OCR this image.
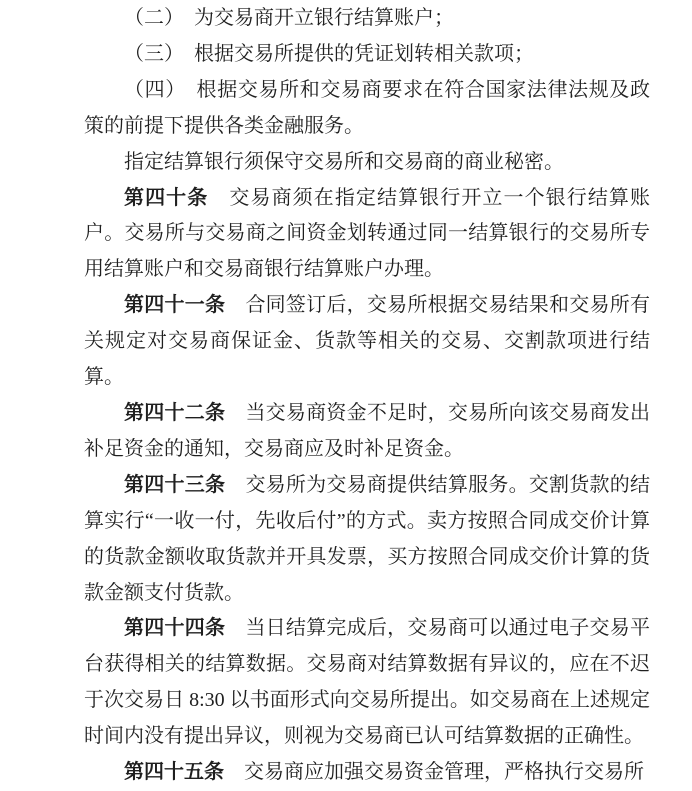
（二）　为交易商开立银行结算账户；

（三）　根据交易所提供的凭证划转相关款项；

（四）　根据交易所和交易商要求在符合国家法律法规及政策的前提下提供各类金融服务。

指定结算银行须保守交易所和交易商的商业秘密。

第四十条　交易商须在指定结算银行开立一个银行结算账户。交易所与交易商之间资金划转通过同一结算银行的交易所专用结算账户和交易商银行结算账户办理。

第四十一条　合同签订后，交易所根据交易结果和交易所有关规定对交易商保证金、货款等相关的交易、交割款项进行结算。

第四十二条　当交易商资金不足时，交易所向该交易商发出补足资金的通知，交易商应及时补足资金。

第四十三条　交易所为交易商提供结算服务。交割货款的结算实行“一收一付，先收后付”的方式。卖方按照合同成交价计算的货款金额收取货款并开具发票，买方按照合同成交价计算的货款金额支付货款。

第四十四条　当日结算完成后，交易商可以通过电子交易平台获得相关的结算数据。交易商对结算数据有异议的，应在不迟于次交易日 8:30 以书面形式向交易所提出。如交易商在上述规定时间内没有提出异议，则视为交易商已认可结算数据的正确性。

第四十五条　交易商应加强交易资金管理，严格执行交易所
